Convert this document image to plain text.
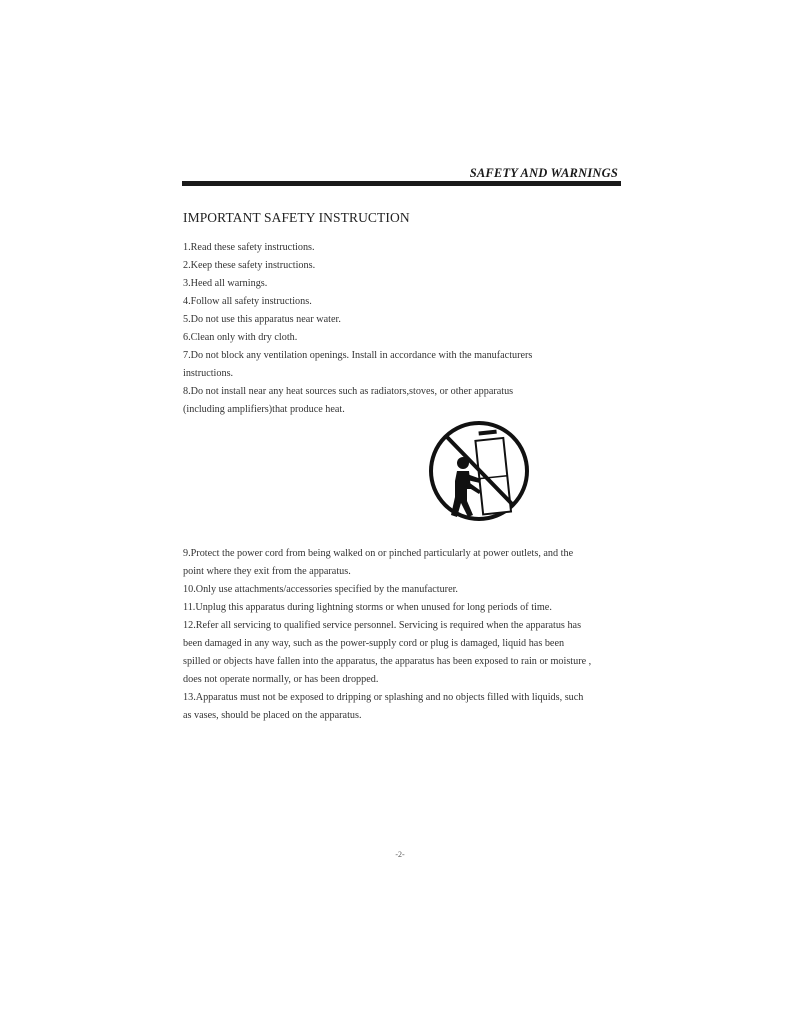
SAFETY AND WARNINGS
IMPORTANT SAFETY INSTRUCTION
1.Read these safety instructions.
2.Keep these safety instructions.
3.Heed all warnings.
4.Follow all safety instructions.
5.Do not use this apparatus near water.
6.Clean only with dry cloth.
7.Do not block any ventilation openings. Install in accordance with the manufacturers
instructions.
8.Do not install near any heat sources such as radiators,stoves, or other apparatus
(including amplifiers)that produce heat.
9.Protect the power cord from being walked on or pinched particularly at power outlets, and the
point where they exit from the apparatus.
10.Only use attachments/accessories specified by the manufacturer.
11.Unplug this apparatus during lightning storms or when unused for long periods of time.
12.Refer all servicing to qualified service personnel. Servicing is required when the apparatus has
been damaged in any way, such as the power-supply cord or plug is damaged, liquid has been
spilled or objects have fallen into the apparatus, the apparatus has been exposed to rain or moisture ,
does not operate normally, or has been dropped.
13.Apparatus must not be exposed to dripping or splashing and no objects filled with liquids, such
as vases, should be placed on the apparatus.
-2-
